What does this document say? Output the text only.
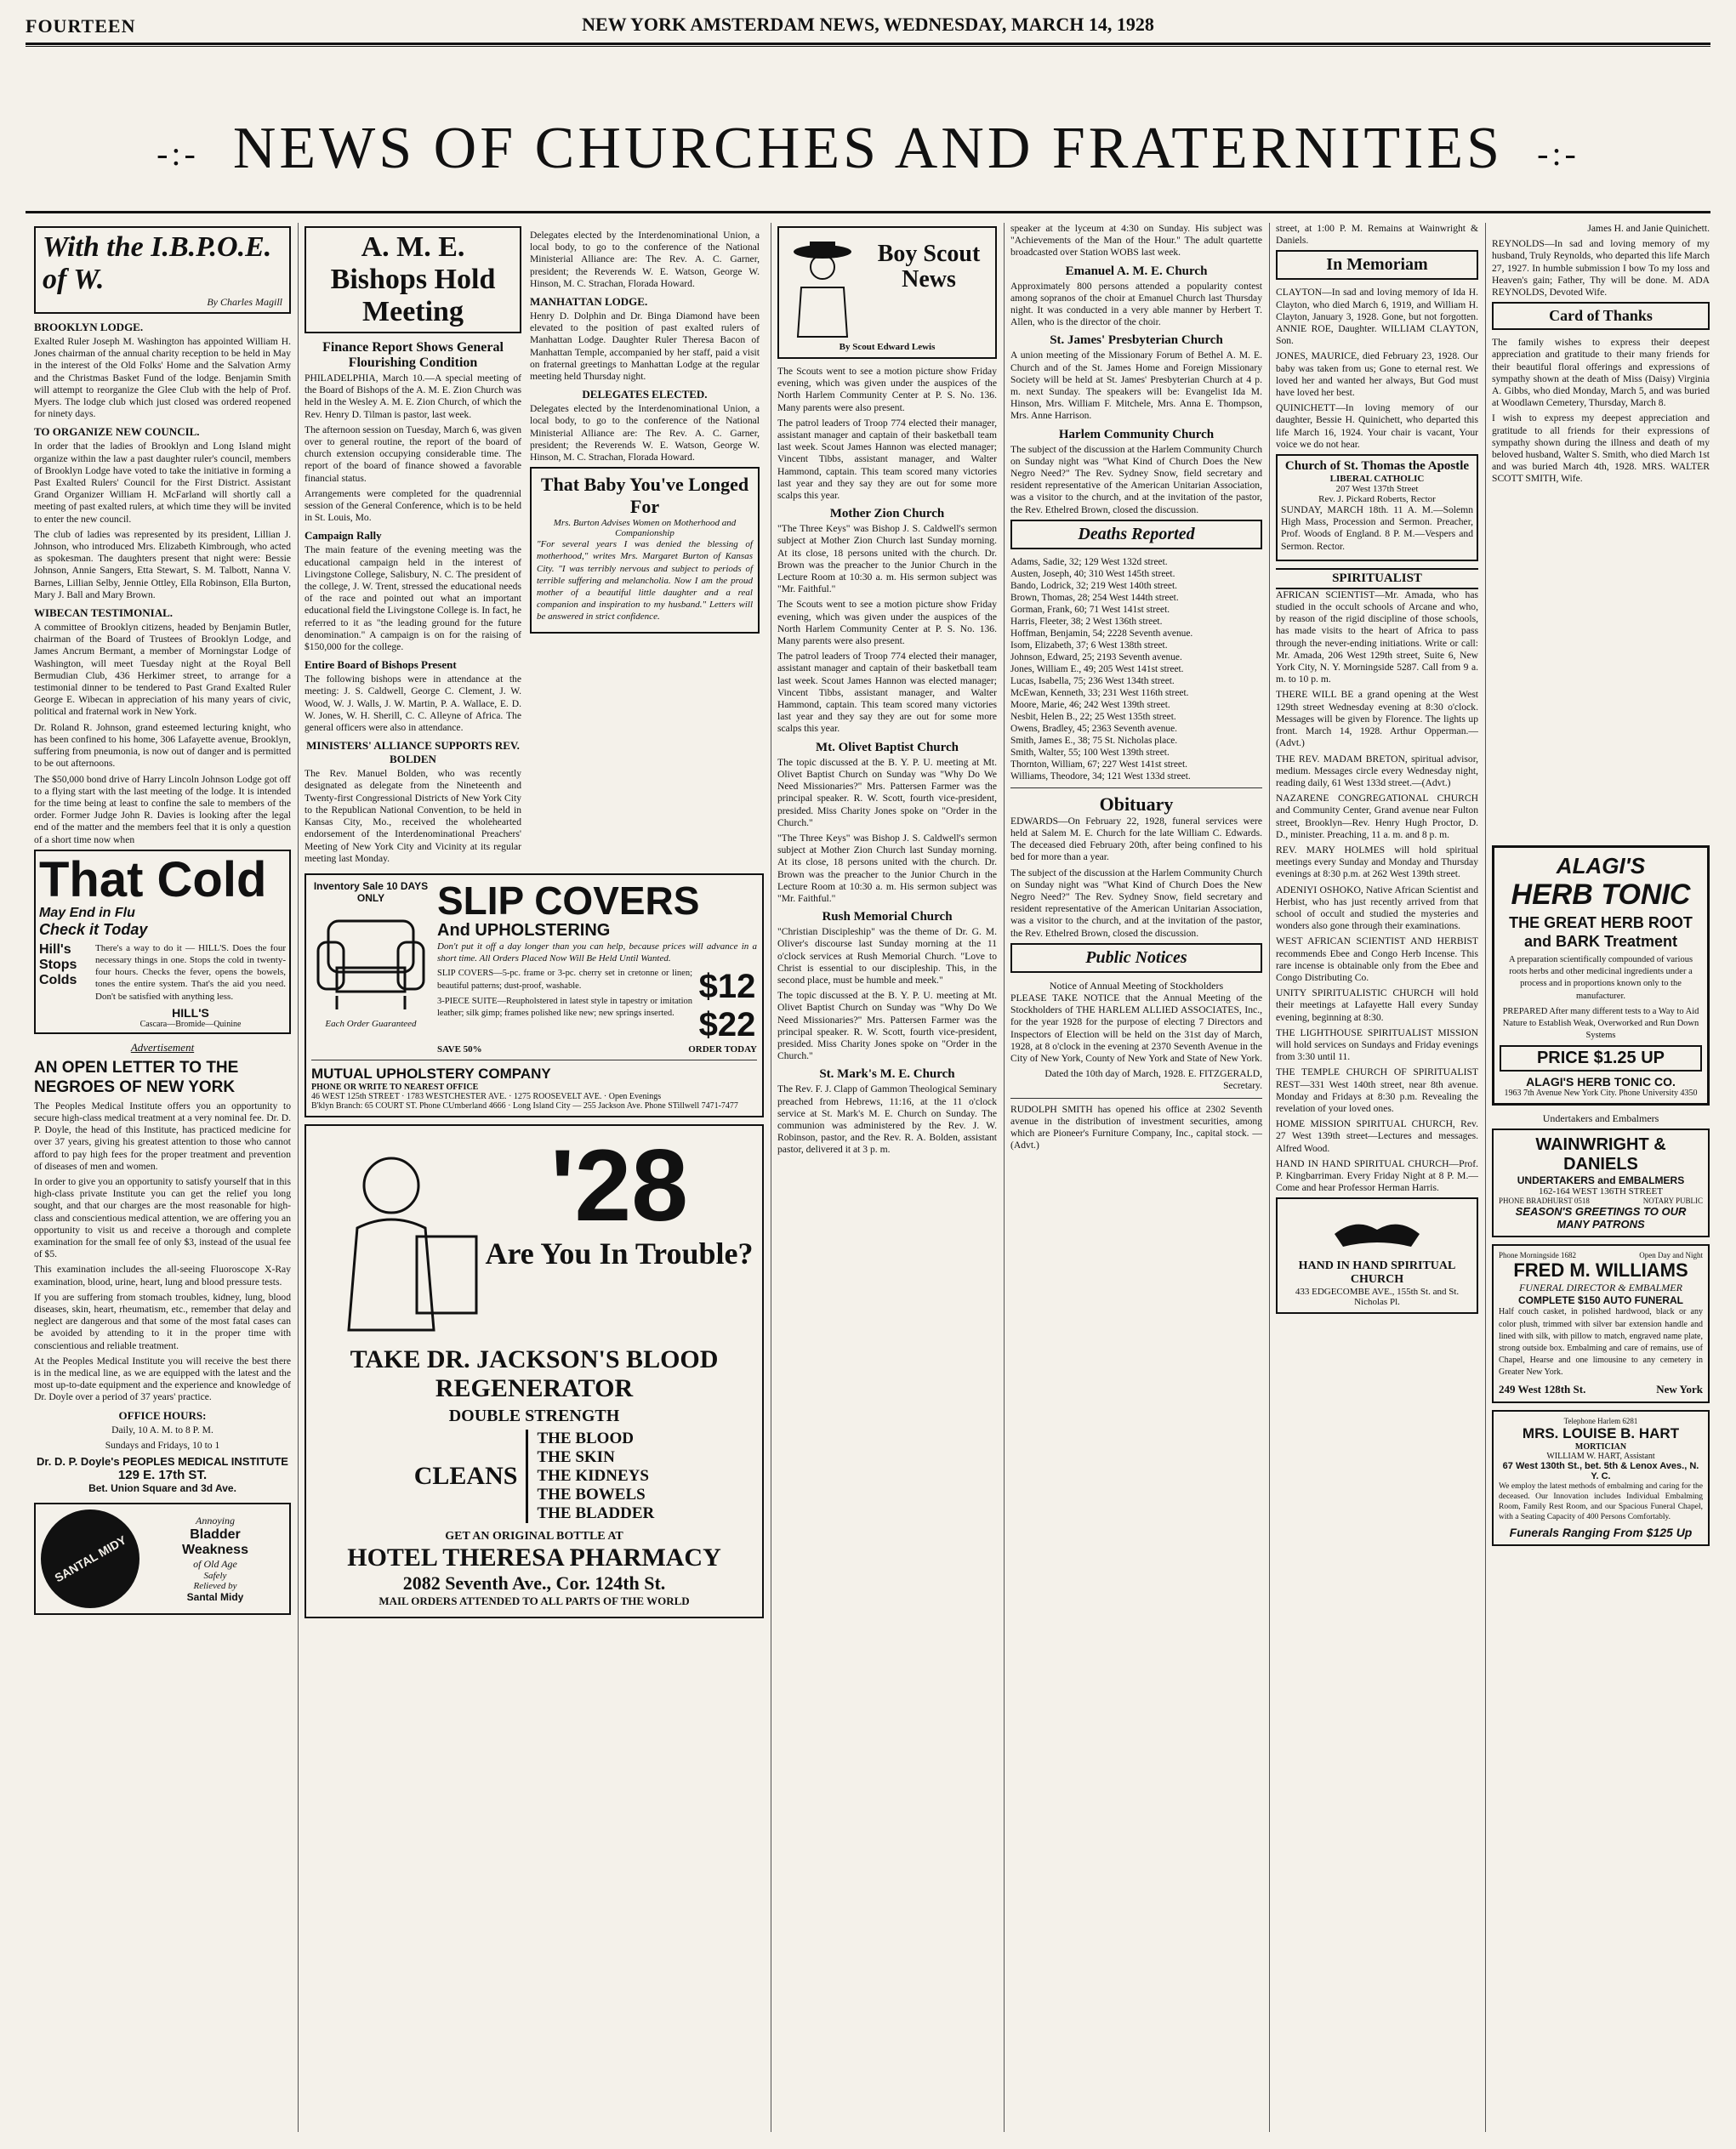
FOURTEEN	NEW YORK AMSTERDAM NEWS, WEDNESDAY, MARCH 14, 1928
-:- NEWS OF CHURCHES AND FRATERNITIES -:-
With the I.B.P.O.E. of W.
By Charles Magill
BROOKLYN LODGE.

Exalted Ruler Joseph M. Washington has appointed William H. Jones chairman of the annual charity reception to be held in May in the interest of the Old Folks' Home and the Salvation Army and the Christmas Basket Fund of the lodge. Benjamin Smith will attempt to reorganize the Glee Club with the help of Prof. Myers. The lodge club which just closed was ordered reopened for ninety days.

TO ORGANIZE NEW COUNCIL.

In order that the ladies of Brooklyn and Long Island might organize within the law a past daughter ruler's council, members of Brooklyn Lodge have voted to take the initiative in forming a Past Exalted Rulers' Council for the First District. Assistant Grand Organizer William H. McFarland will shortly call a meeting of past exalted rulers, at which time they will be invited to enter the new council.

The club of ladies was represented by its president, Lillian J. Johnson, who introduced Mrs. Elizabeth Kimbrough, who acted as spokesman. The daughters present that night were: Bessie Johnson, Annie Sangers, Etta Stewart, S. M. Talbott, Nanna V. Barnes, Lillian Selby, Jennie Ottley, Ella Robinson, Ella Burton, Mary J. Ball and Mary Brown.

WIBECAN TESTIMONIAL.

A committee of Brooklyn citizens, headed by Benjamin Butler, chairman of the Board of Trustees of Brooklyn Lodge, and James Ancrum Bermant, a member of Morningstar Lodge of Washington, will meet Tuesday night at the Royal Bell Bermudian Club, 436 Herkimer street, to arrange for a testimonial dinner to be tendered to Past Grand Exalted Ruler George E. Wibecan in appreciation of his many years of civic, political and fraternal work in New York.

Dr. Roland R. Johnson, grand esteemed lecturing knight, who has been confined to his home, 306 Lafayette avenue, Brooklyn, suffering from pneumonia, is now out of danger and is permitted to be out afternoons.

The $50,000 bond drive of Harry Lincoln Johnson Lodge got off to a flying start with the last meeting of the lodge. It is intended for the time being at least to confine the sale to members of the order. Former Judge John R. Davies is looking after the legal end of the matter and the members feel that it is only a question of a short time now when

That Cold
May End in Flu
Check it Today
Hill's Stops Colds

There's a way to do it — HILL'S. Does the four necessary things in one. Stops the cold in twenty-four hours. Checks the fever, opens the bowels, tones the entire system. That's the aid you need. Don't be satisfied with anything less.

HILL'S
Cascara—Bromide—Quinine
Advertisement
AN OPEN LETTER TO THE NEGROES OF NEW YORK

The Peoples Medical Institute offers you an opportunity to secure high-class medical treatment at a very nominal fee. Dr. D. P. Doyle, the head of this Institute, has practiced medicine for over 37 years, giving his greatest attention to those who cannot afford to pay high fees for the proper treatment and prevention of diseases of men and women.

In order to give you an opportunity to satisfy yourself that in this high-class private Institute you can get the relief you long sought, and that our charges are the most reasonable for high-class and conscientious medical attention, we are offering you an opportunity to visit us and receive a thorough and complete examination for the small fee of only $3, instead of the usual fee of $5.

This examination includes the all-seeing Fluoroscope X-Ray examination, blood, urine, heart, lung and blood pressure tests.

If you are suffering from stomach troubles, kidney, lung, blood diseases, skin, heart, rheumatism, etc., remember that delay and neglect are dangerous and that some of the most fatal cases can be avoided by attending to it in the proper time with conscientious and reliable treatment.

At the Peoples Medical Institute you will receive the best there is in the medical line, as we are equipped with the latest and the most up-to-date equipment and the experience and knowledge of Dr. Doyle over a period of 37 years' practice.

OFFICE HOURS:
Daily, 10 A. M. to 8 P. M.
Sundays and Fridays, 10 to 1
Dr. D. P. Doyle's PEOPLES MEDICAL INSTITUTE
129 E. 17th ST.
Bet. Union Square and 3d Ave.
SANTAL MIDY
Annoying
Bladder
Weakness
of Old Age
Safely
Relieved by
Santal Midy
A. M. E. Bishops Hold Meeting
Finance Report Shows General Flourishing Condition

PHILADELPHIA, March 10.—A special meeting of the Board of Bishops of the A. M. E. Zion Church was held in the Wesley A. M. E. Zion Church, of which the Rev. Henry D. Tilman is pastor, last week.

The afternoon session on Tuesday, March 6, was given over to general routine, the report of the board of church extension occupying considerable time. The report of the board of finance showed a favorable financial status.

Arrangements were completed for the quadrennial session of the General Conference, which is to be held in St. Louis, Mo.

Campaign Rally

The main feature of the evening meeting was the educational campaign held in the interest of Livingstone College, Salisbury, N. C. The president of the college, J. W. Trent, stressed the educational needs of the race and pointed out what an important educational field the Livingstone College is. In fact, he referred to it as "the leading ground for the future denomination." A campaign is on for the raising of $150,000 for the college.

Entire Board of Bishops Present

The following bishops were in attendance at the meeting: J. S. Caldwell, George C. Clement, J. W. Wood, W. J. Walls, J. W. Martin, P. A. Wallace, E. D. W. Jones, W. H. Sherill, C. C. Alleyne of Africa. The general officers were also in attendance.

MINISTERS' ALLIANCE SUPPORTS REV. BOLDEN

The Rev. Manuel Bolden, who was recently designated as delegate from the Nineteenth and Twenty-first Congressional Districts of New York City to the Republican National Convention, to be held in Kansas City, Mo., received the wholehearted endorsement of the Interdenominational Preachers' Meeting of New York City and Vicinity at its regular meeting last Monday.

Delegates elected by the Interdenominational Union, a local body, to go to the conference of the National Ministerial Alliance are: The Rev. A. C. Garner, president; the Reverends W. E. Watson, George W. Hinson, M. C. Strachan, Florada Howard.

MANHATTAN LODGE.

Henry D. Dolphin and Dr. Binga Diamond have been elevated to the position of past exalted rulers of Manhattan Lodge. Daughter Ruler Theresa Bacon of Manhattan Temple, accompanied by her staff, paid a visit on fraternal greetings to Manhattan Lodge at the regular meeting held Thursday night.

DELEGATES ELECTED.

Delegates elected by the Interdenominational Union, a local body, to go to the conference of the National Ministerial Alliance are: The Rev. A. C. Garner, president; the Reverends W. E. Watson, George W. Hinson, M. C. Strachan, Florada Howard.

That Baby You've Longed For
Mrs. Burton Advises Women on Motherhood and Companionship

"For several years I was denied the blessing of motherhood," writes Mrs. Margaret Burton of Kansas City. "I was terribly nervous and subject to periods of terrible suffering and melancholia. Now I am the proud mother of a beautiful little daughter and a real companion and inspiration to my husband." Letters will be answered in strict confidence.

Inventory Sale 10 DAYS ONLY
Each Order Guaranteed
SLIP COVERS
And UPHOLSTERING

Don't put it off a day longer than you can help, because prices will advance in a short time. All Orders Placed Now Will Be Held Until Wanted.

SLIP COVERS—5-pc. frame or 3-pc. cherry set in cretonne or linen; beautiful patterns; dust-proof, washable.

3-PIECE SUITE—Reupholstered in latest style in tapestry or imitation leather; silk gimp; frames polished like new; new springs inserted.

$12
$22
SAVE 50%	ORDER TODAY
MUTUAL UPHOLSTERY COMPANY
PHONE OR WRITE TO NEAREST OFFICE
46 WEST 125th STREET · 1783 WESTCHESTER AVE. · 1275 ROOSEVELT AVE. · Open Evenings
B'klyn Branch: 65 COURT ST. Phone CUmberland 4666 · Long Island City — 255 Jackson Ave. Phone STillwell 7471-7477
'28
Are You In Trouble?
TAKE DR. JACKSON'S BLOOD REGENERATOR
DOUBLE STRENGTH
CLEANS
THE BLOOD
THE SKIN
THE KIDNEYS
THE BOWELS
THE BLADDER
GET AN ORIGINAL BOTTLE AT
HOTEL THERESA PHARMACY
2082 Seventh Ave., Cor. 124th St.
MAIL ORDERS ATTENDED TO ALL PARTS OF THE WORLD
Boy Scout News
By Scout Edward Lewis

The Scouts went to see a motion picture show Friday evening, which was given under the auspices of the North Harlem Community Center at P. S. No. 136. Many parents were also present.

The patrol leaders of Troop 774 elected their manager, assistant manager and captain of their basketball team last week. Scout James Hannon was elected manager; Vincent Tibbs, assistant manager, and Walter Hammond, captain. This team scored many victories last year and they say they are out for some more scalps this year.

Mother Zion Church

"The Three Keys" was Bishop J. S. Caldwell's sermon subject at Mother Zion Church last Sunday morning. At its close, 18 persons united with the church. Dr. Brown was the preacher to the Junior Church in the Lecture Room at 10:30 a. m. His sermon subject was "Mr. Faithful."

The Scouts went to see a motion picture show Friday evening, which was given under the auspices of the North Harlem Community Center at P. S. No. 136. Many parents were also present.

The patrol leaders of Troop 774 elected their manager, assistant manager and captain of their basketball team last week. Scout James Hannon was elected manager; Vincent Tibbs, assistant manager, and Walter Hammond, captain. This team scored many victories last year and they say they are out for some more scalps this year.

Mt. Olivet Baptist Church

The topic discussed at the B. Y. P. U. meeting at Mt. Olivet Baptist Church on Sunday was "Why Do We Need Missionaries?" Mrs. Pattersen Farmer was the principal speaker. R. W. Scott, fourth vice-president, presided. Miss Charity Jones spoke on "Order in the Church."

"The Three Keys" was Bishop J. S. Caldwell's sermon subject at Mother Zion Church last Sunday morning. At its close, 18 persons united with the church. Dr. Brown was the preacher to the Junior Church in the Lecture Room at 10:30 a. m. His sermon subject was "Mr. Faithful."

Rush Memorial Church

"Christian Discipleship" was the theme of Dr. G. M. Oliver's discourse last Sunday morning at the 11 o'clock services at Rush Memorial Church. "Love to Christ is essential to our discipleship. This, in the second place, must be humble and meek."

The topic discussed at the B. Y. P. U. meeting at Mt. Olivet Baptist Church on Sunday was "Why Do We Need Missionaries?" Mrs. Pattersen Farmer was the principal speaker. R. W. Scott, fourth vice-president, presided. Miss Charity Jones spoke on "Order in the Church."

St. Mark's M. E. Church

The Rev. F. J. Clapp of Gammon Theological Seminary preached from Hebrews, 11:16, at the 11 o'clock service at St. Mark's M. E. Church on Sunday. The communion was administered by the Rev. J. W. Robinson, pastor, and the Rev. R. A. Bolden, assistant pastor, delivered it at 3 p. m.

speaker at the lyceum at 4:30 on Sunday. His subject was "Achievements of the Man of the Hour." The adult quartette broadcasted over Station WOBS last week.

Emanuel A. M. E. Church

Approximately 800 persons attended a popularity contest among sopranos of the choir at Emanuel Church last Thursday night. It was conducted in a very able manner by Herbert T. Allen, who is the director of the choir.

St. James' Presbyterian Church

A union meeting of the Missionary Forum of Bethel A. M. E. Church and of the St. James Home and Foreign Missionary Society will be held at St. James' Presbyterian Church at 4 p. m. next Sunday. The speakers will be: Evangelist Ida M. Hinson, Mrs. William F. Mitchele, Mrs. Anna E. Thompson, Mrs. Anne Harrison.

Harlem Community Church

The subject of the discussion at the Harlem Community Church on Sunday night was "What Kind of Church Does the New Negro Need?" The Rev. Sydney Snow, field secretary and resident representative of the American Unitarian Association, was a visitor to the church, and at the invitation of the pastor, the Rev. Ethelred Brown, closed the discussion.

Deaths Reported
Adams, Sadie, 32; 129 West 132d street.
Austen, Joseph, 40; 310 West 145th street.
Bando, Lodrick, 32; 219 West 140th street.
Brown, Thomas, 28; 254 West 144th street.
Gorman, Frank, 60; 71 West 141st street.
Harris, Fleeter, 38; 2 West 136th street.
Hoffman, Benjamin, 54; 2228 Seventh avenue.
Isom, Elizabeth, 37; 6 West 138th street.
Johnson, Edward, 25; 2193 Seventh avenue.
Jones, William E., 49; 205 West 141st street.
Lucas, Isabella, 75; 236 West 134th street.
McEwan, Kenneth, 33; 231 West 116th street.
Moore, Marie, 46; 242 West 139th street.
Nesbit, Helen B., 22; 25 West 135th street.
Owens, Bradley, 45; 2363 Seventh avenue.
Smith, James E., 38; 75 St. Nicholas place.
Smith, Walter, 55; 100 West 139th street.
Thornton, William, 67; 227 West 141st street.
Williams, Theodore, 34; 121 West 133d street.
Obituary

EDWARDS—On February 22, 1928, funeral services were held at Salem M. E. Church for the late William C. Edwards. The deceased died February 20th, after being confined to his bed for more than a year.

The subject of the discussion at the Harlem Community Church on Sunday night was "What Kind of Church Does the New Negro Need?" The Rev. Sydney Snow, field secretary and resident representative of the American Unitarian Association, was a visitor to the church, and at the invitation of the pastor, the Rev. Ethelred Brown, closed the discussion.

Public Notices
Notice of Annual Meeting of Stockholders

PLEASE TAKE NOTICE that the Annual Meeting of the Stockholders of THE HARLEM ALLIED ASSOCIATES, Inc., for the year 1928 for the purpose of electing 7 Directors and Inspectors of Election will be held on the 31st day of March, 1928, at 8 o'clock in the evening at 2370 Seventh Avenue in the City of New York, County of New York and State of New York.

Dated the 10th day of March, 1928. E. FITZGERALD, Secretary.

RUDOLPH SMITH has opened his office at 2302 Seventh avenue in the distribution of investment securities, among which are Pioneer's Furniture Company, Inc., capital stock. —(Advt.)

street, at 1:00 P. M. Remains at Wainwright & Daniels.

In Memoriam

CLAYTON—In sad and loving memory of Ida H. Clayton, who died March 6, 1919, and William H. Clayton, January 3, 1928. Gone, but not forgotten. ANNIE ROE, Daughter. WILLIAM CLAYTON, Son.

JONES, MAURICE, died February 23, 1928. Our baby was taken from us; Gone to eternal rest. We loved her and wanted her always, But God must have loved her best.

QUINICHETT—In loving memory of our daughter, Bessie H. Quinichett, who departed this life March 16, 1924. Your chair is vacant, Your voice we do not hear.

Church of St. Thomas the Apostle
LIBERAL CATHOLIC
207 West 137th Street
Rev. J. Pickard Roberts, Rector
SUNDAY, MARCH 18th. 11 A. M.—Solemn High Mass, Procession and Sermon. Preacher, Prof. Woods of England. 8 P. M.—Vespers and Sermon. Rector.
SPIRITUALIST

AFRICAN SCIENTIST—Mr. Amada, who has studied in the occult schools of Arcane and who, by reason of the rigid discipline of those schools, has made visits to the heart of Africa to pass through the never-ending initiations. Write or call: Mr. Amada, 206 West 129th street, Suite 6, New York City, N. Y. Morningside 5287. Call from 9 a. m. to 10 p. m.

THERE WILL BE a grand opening at the West 129th street Wednesday evening at 8:30 o'clock. Messages will be given by Florence. The lights up front. March 14, 1928. Arthur Opperman.—(Advt.)

THE REV. MADAM BRETON, spiritual advisor, medium. Messages circle every Wednesday night, reading daily, 61 West 133d street.—(Advt.)

NAZARENE CONGREGATIONAL CHURCH and Community Center, Grand avenue near Fulton street, Brooklyn—Rev. Henry Hugh Proctor, D. D., minister. Preaching, 11 a. m. and 8 p. m.

REV. MARY HOLMES will hold spiritual meetings every Sunday and Monday and Thursday evenings at 8:30 p.m. at 262 West 139th street.

ADENIYI OSHOKO, Native African Scientist and Herbist, who has just recently arrived from that school of occult and studied the mysteries and wonders also gone through their examinations.

WEST AFRICAN SCIENTIST AND HERBIST recommends Ebee and Congo Herb Incense. This rare incense is obtainable only from the Ebee and Congo Distributing Co.

UNITY SPIRITUALISTIC CHURCH will hold their meetings at Lafayette Hall every Sunday evening, beginning at 8:30.

THE LIGHTHOUSE SPIRITUALIST MISSION will hold services on Sundays and Friday evenings from 3:30 until 11.

THE TEMPLE CHURCH OF SPIRITUALIST REST—331 West 140th street, near 8th avenue. Monday and Fridays at 8:30 p.m. Revealing the revelation of your loved ones.

HOME MISSION SPIRITUAL CHURCH, Rev. 27 West 139th street—Lectures and messages. Alfred Wood.

HAND IN HAND SPIRITUAL CHURCH—Prof. P. Kingbarriman. Every Friday Night at 8 P. M.—Come and hear Professor Herman Harris.

HAND IN HAND SPIRITUAL CHURCH
433 EDGECOMBE AVE., 155th St. and St. Nicholas Pl.

James H. and Janie Quinichett.

REYNOLDS—In sad and loving memory of my husband, Truly Reynolds, who departed this life March 27, 1927. In humble submission I bow To my loss and Heaven's gain; Father, Thy will be done. M. ADA REYNOLDS, Devoted Wife.

Card of Thanks

The family wishes to express their deepest appreciation and gratitude to their many friends for their beautiful floral offerings and expressions of sympathy shown at the death of Miss (Daisy) Virginia A. Gibbs, who died Monday, March 5, and was buried at Woodlawn Cemetery, Thursday, March 8.

I wish to express my deepest appreciation and gratitude to all friends for their expressions of sympathy shown during the illness and death of my beloved husband, Walter S. Smith, who died March 1st and was buried March 4th, 1928. MRS. WALTER SCOTT SMITH, Wife.

ALAGI'S
HERB TONIC
THE GREAT HERB ROOT and BARK Treatment

A preparation scientifically compounded of various roots herbs and other medicinal ingredients under a process and in proportions known only to the manufacturer.

PREPARED After many different tests to a Way to Aid Nature to Establish Weak, Overworked and Run Down Systems

PRICE $1.25 UP
ALAGI'S HERB TONIC CO.
1963 7th Avenue New York City. Phone University 4350
Undertakers and Embalmers
WAINWRIGHT & DANIELS
UNDERTAKERS and EMBALMERS
162-164 WEST 136TH STREET
PHONE BRADHURST 0518	NOTARY PUBLIC
SEASON'S GREETINGS TO OUR MANY PATRONS
Phone Morningside 1682	Open Day and Night
FRED M. WILLIAMS
FUNERAL DIRECTOR & EMBALMER
COMPLETE $150 AUTO FUNERAL

Half couch casket, in polished hardwood, black or any color plush, trimmed with silver bar extension handle and lined with silk, with pillow to match, engraved name plate, strong outside box. Embalming and care of remains, use of Chapel, Hearse and one limousine to any cemetery in Greater New York.

249 West 128th St.	New York
Telephone Harlem 6281
MRS. LOUISE B. HART
MORTICIAN
WILLIAM W. HART, Assistant
67 West 130th St., bet. 5th & Lenox Aves., N. Y. C.

We employ the latest methods of embalming and caring for the deceased. Our Innovation includes Individual Embalming Room, Family Rest Room, and our Spacious Funeral Chapel, with a Seating Capacity of 400 Persons Comfortably.

Funerals Ranging From $125 Up
